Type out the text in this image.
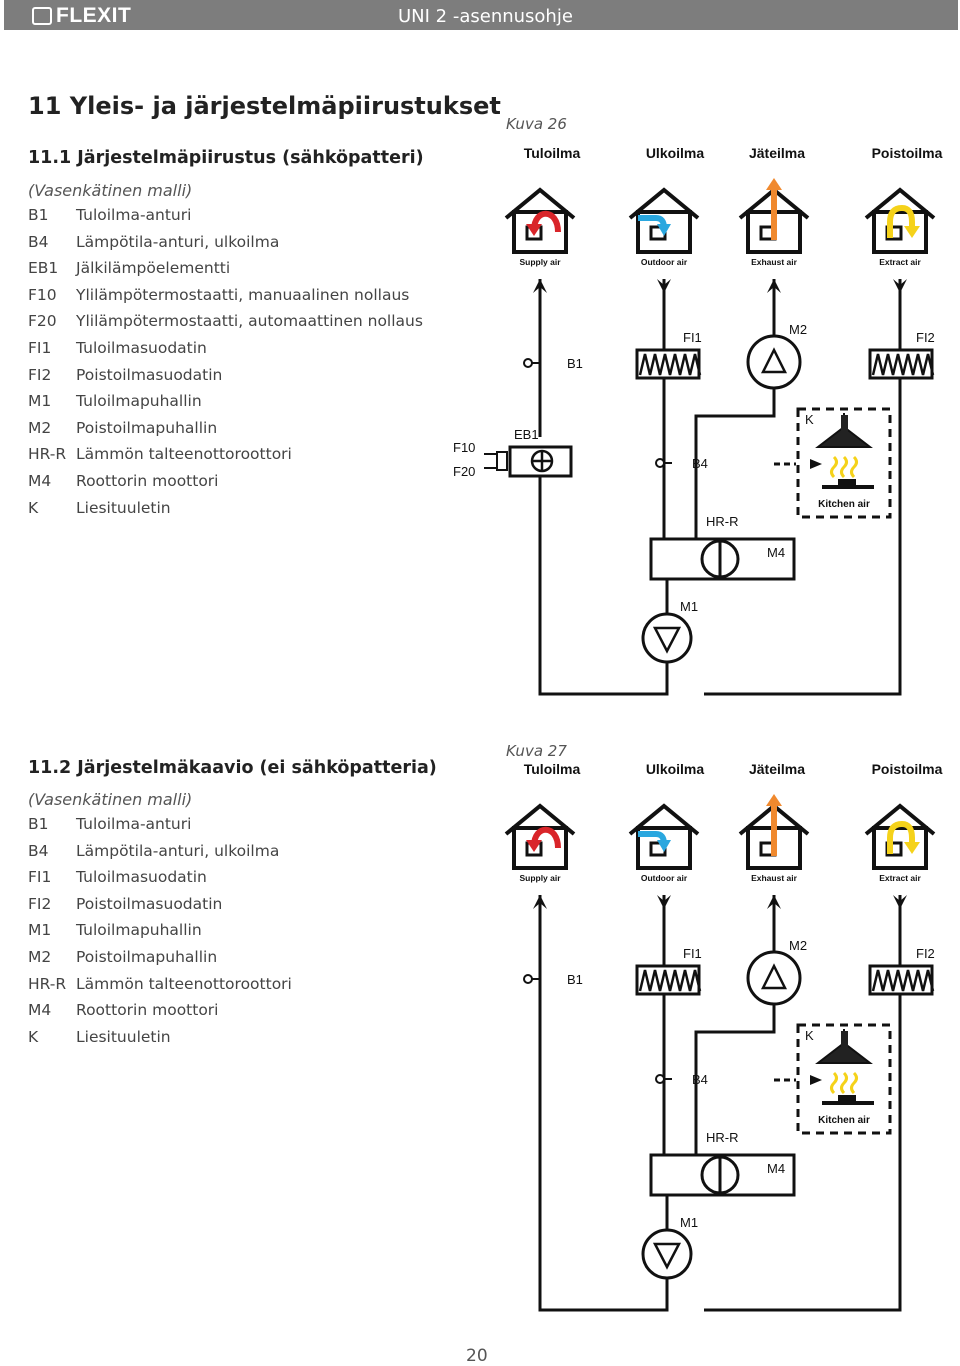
FLEXIT	UNI 2 -asennusohje
11 Yleis- ja järjestelmäpiirustukset
11.1 Järjestelmäpiirustus (sähköpatteri)
(Vasenkätinen malli)
B1	Tuloilma-anturi
B4	Lämpötila-anturi, ulkoilma
EB1	Jälkilämpöelementti
F10	Ylilämpötermostaatti, manuaalinen nollaus
F20	Ylilämpötermostaatti, automaattinen nollaus
FI1	Tuloilmasuodatin
FI2	Poistoilmasuodatin
M1	Tuloilmapuhallin
M2	Poistoilmapuhallin
HR-R Lämmön talteenottoroottori
M4	Roottorin moottori
K	Liesituuletin
11.2 Järjestelmäkaavio (ei sähköpatteria)
(Vasenkätinen malli)
B1	Tuloilma-anturi
B4	Lämpötila-anturi, ulkoilma
FI1	Tuloilmasuodatin
FI2	Poistoilmasuodatin
M1	Tuloilmapuhallin
M2	Poistoilmapuhallin
HR-R Lämmön talteenottoroottori
M4	Roottorin moottori
K	Liesituuletin
Kuva 26
Kuva 27
Tuloilma	Ulkoilma	Jäteilma	Poistoilma
Supply air	Outdoor air	Exhaust air	Extract air
B1
FI1
B4
M2
FI2
Kitchen air
K
HR-R
M4
M1
EB1
F10
F20
Tuloilma	Ulkoilma	Jäteilma	Poistoilma
Supply air	Outdoor air	Exhaust air	Extract air
B1
FI1
B4
M2
FI2
Kitchen air
K
HR-R
M4
M1
20
